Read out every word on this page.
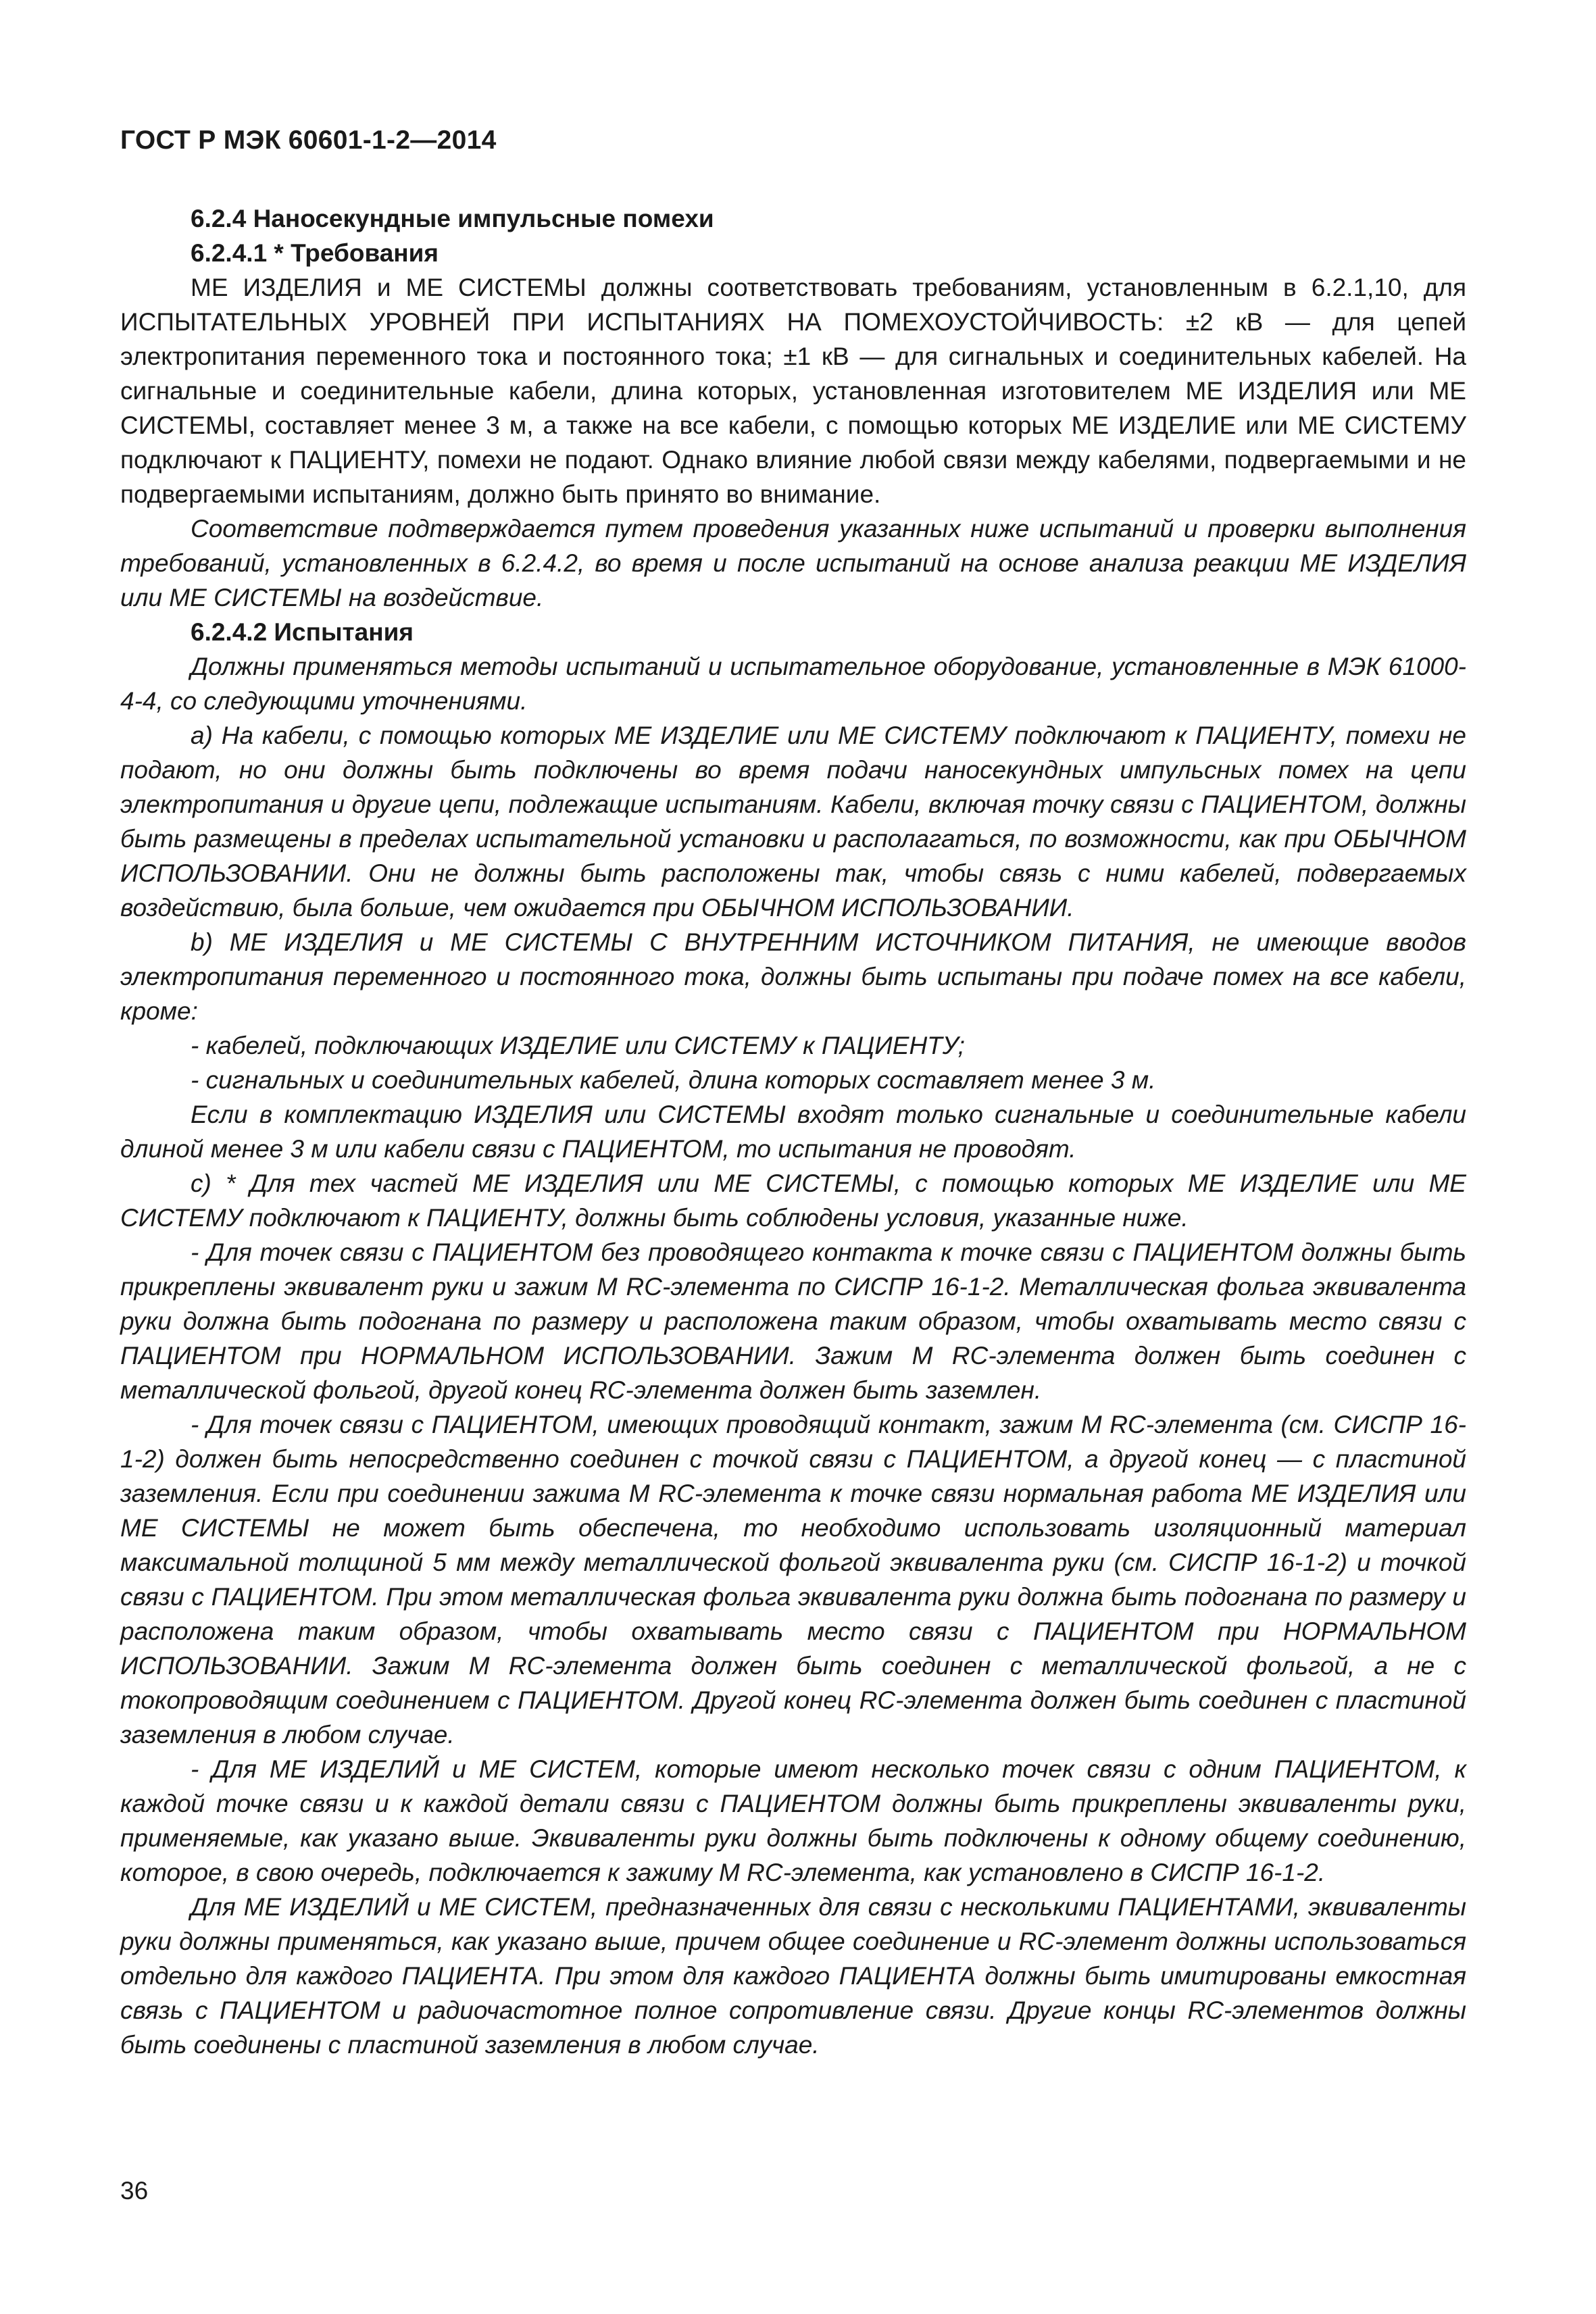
ГОСТ Р МЭК 60601-1-2—2014

6.2.4 Наносекундные импульсные помехи

6.2.4.1 * Требования

МЕ ИЗДЕЛИЯ и МЕ СИСТЕМЫ должны соответствовать требованиям, установленным в 6.2.1,10, для ИСПЫТАТЕЛЬНЫХ УРОВНЕЙ ПРИ ИСПЫТАНИЯХ НА ПОМЕХОУСТОЙЧИВОСТЬ: ±2 кВ — для цепей электропитания переменного тока и постоянного тока; ±1 кВ — для сигнальных и соединительных кабелей. На сигнальные и соединительные кабели, длина которых, установленная изготовителем МЕ ИЗДЕЛИЯ или МЕ СИСТЕМЫ, составляет менее 3 м, а также на все кабели, с помощью которых МЕ ИЗДЕЛИЕ или МЕ СИСТЕМУ подключают к ПАЦИЕНТУ, помехи не подают. Однако влияние любой связи между кабелями, подвергаемыми и не подвергаемыми испытаниям, должно быть принято во внимание.

Соответствие подтверждается путем проведения указанных ниже испытаний и проверки выполнения требований, установленных в 6.2.4.2, во время и после испытаний на основе анализа реакции МЕ ИЗДЕЛИЯ или МЕ СИСТЕМЫ на воздействие.

6.2.4.2 Испытания

Должны применяться методы испытаний и испытательное оборудование, установленные в МЭК 61000-4-4, со следующими уточнениями.

а) На кабели, с помощью которых МЕ ИЗДЕЛИЕ или МЕ СИСТЕМУ подключают к ПАЦИЕНТУ, помехи не подают, но они должны быть подключены во время подачи наносекундных импульсных помех на цепи электропитания и другие цепи, подлежащие испытаниям. Кабели, включая точку связи с ПАЦИЕНТОМ, должны быть размещены в пределах испытательной установки и располагаться, по возможности, как при ОБЫЧНОМ ИСПОЛЬЗОВАНИИ. Они не должны быть расположены так, чтобы связь с ними кабелей, подвергаемых воздействию, была больше, чем ожидается при ОБЫЧНОМ ИСПОЛЬЗОВАНИИ.

b) МЕ ИЗДЕЛИЯ и МЕ СИСТЕМЫ С ВНУТРЕННИМ ИСТОЧНИКОМ ПИТАНИЯ, не имеющие вводов электропитания переменного и постоянного тока, должны быть испытаны при подаче помех на все кабели, кроме:

- кабелей, подключающих ИЗДЕЛИЕ или СИСТЕМУ к ПАЦИЕНТУ;

- сигнальных и соединительных кабелей, длина которых составляет менее 3 м.

Если в комплектацию ИЗДЕЛИЯ или СИСТЕМЫ входят только сигнальные и соединительные кабели длиной менее 3 м или кабели связи с ПАЦИЕНТОМ, то испытания не проводят.

с) * Для тех частей МЕ ИЗДЕЛИЯ или МЕ СИСТЕМЫ, с помощью которых МЕ ИЗДЕЛИЕ или МЕ СИСТЕМУ подключают к ПАЦИЕНТУ, должны быть соблюдены условия, указанные ниже.

- Для точек связи с ПАЦИЕНТОМ без проводящего контакта к точке связи с ПАЦИЕНТОМ должны быть прикреплены эквивалент руки и зажим М RC-элемента по СИСПР 16-1-2. Металлическая фольга эквивалента руки должна быть подогнана по размеру и расположена таким образом, чтобы охватывать место связи с ПАЦИЕНТОМ при НОРМАЛЬНОМ ИСПОЛЬЗОВАНИИ. Зажим М RC-элемента должен быть соединен с металлической фольгой, другой конец RC-элемента должен быть заземлен.

- Для точек связи с ПАЦИЕНТОМ, имеющих проводящий контакт, зажим М RC-элемента (см. СИСПР 16-1-2) должен быть непосредственно соединен с точкой связи с ПАЦИЕНТОМ, а другой конец — с пластиной заземления. Если при соединении зажима М RC-элемента к точке связи нормальная работа МЕ ИЗДЕЛИЯ или МЕ СИСТЕМЫ не может быть обеспечена, то необходимо использовать изоляционный материал максимальной толщиной 5 мм между металлической фольгой эквивалента руки (см. СИСПР 16-1-2) и точкой связи с ПАЦИЕНТОМ. При этом металлическая фольга эквивалента руки должна быть подогнана по размеру и расположена таким образом, чтобы охватывать место связи с ПАЦИЕНТОМ при НОРМАЛЬНОМ ИСПОЛЬЗОВАНИИ. Зажим М RC-элемента должен быть соединен с металлической фольгой, а не с токопроводящим соединением с ПАЦИЕНТОМ. Другой конец RC-элемента должен быть соединен с пластиной заземления в любом случае.

- Для МЕ ИЗДЕЛИЙ и МЕ СИСТЕМ, которые имеют несколько точек связи с одним ПАЦИЕНТОМ, к каждой точке связи и к каждой детали связи с ПАЦИЕНТОМ должны быть прикреплены эквиваленты руки, применяемые, как указано выше. Эквиваленты руки должны быть подключены к одному общему соединению, которое, в свою очередь, подключается к зажиму М RC-элемента, как установлено в СИСПР 16-1-2.

Для МЕ ИЗДЕЛИЙ и МЕ СИСТЕМ, предназначенных для связи с несколькими ПАЦИЕНТАМИ, эквиваленты руки должны применяться, как указано выше, причем общее соединение и RC-элемент должны использоваться отдельно для каждого ПАЦИЕНТА. При этом для каждого ПАЦИЕНТА должны быть имитированы емкостная связь с ПАЦИЕНТОМ и радиочастотное полное сопротивление связи. Другие концы RC-элементов должны быть соединены с пластиной заземления в любом случае.

36
